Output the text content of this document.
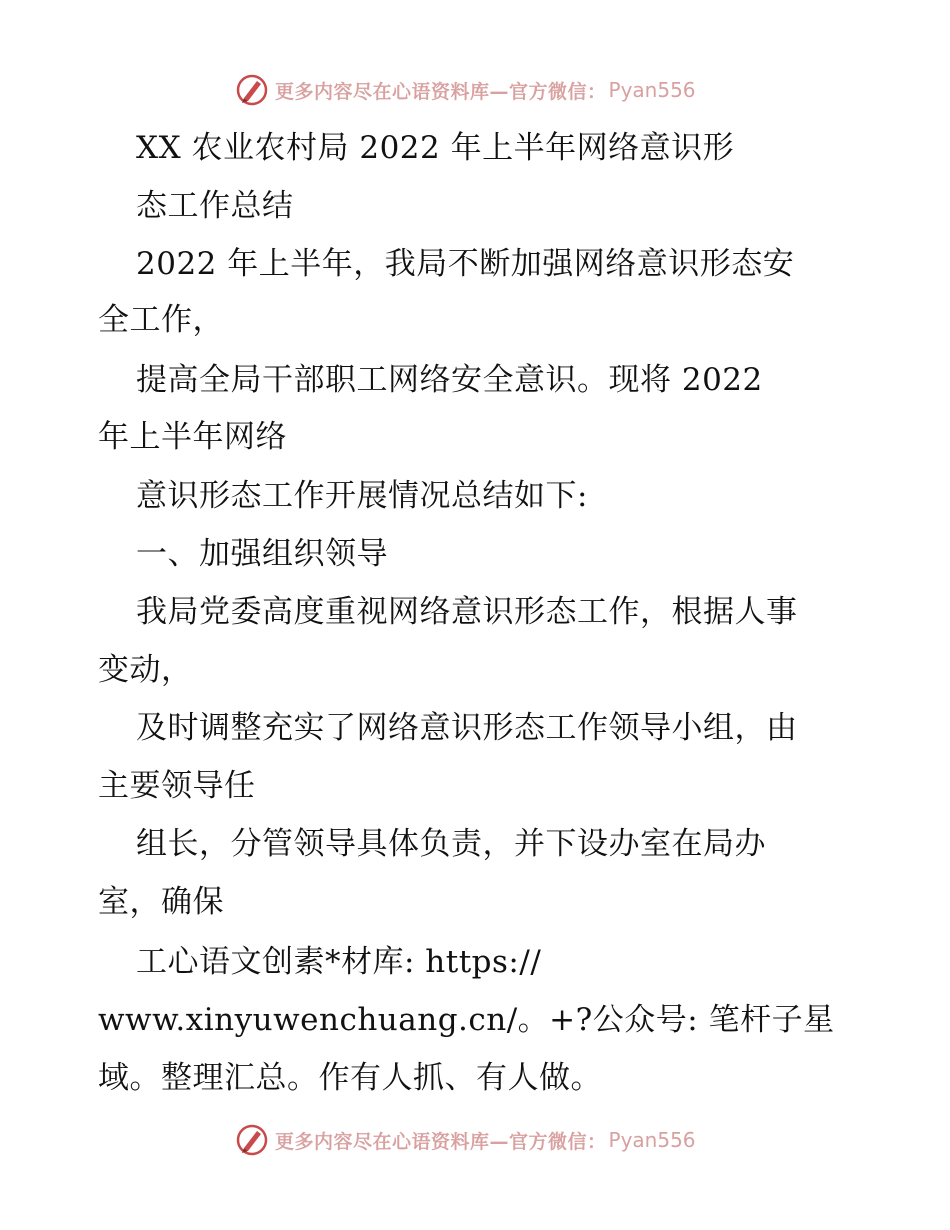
更多内容尽在心语资料库—官方微信： Pyan556
XX 农业农村局 2022 年上半年网络意识形
态工作总结
2022 年上半年，我局不断加强网络意识形态安
全工作，
提高全局干部职工网络安全意识。现将 2022
年上半年网络
意识形态工作开展情况总结如下:
一、加强组织领导
我局党委高度重视网络意识形态工作，根据人事
变动，
及时调整充实了网络意识形态工作领导小组，由
主要领导任
组长，分管领导具体负责，并下设办室在局办
室，确保
工心语文创素*材库: https://
www.xinyuwenchuang.cn/。+?公众号: 笔杆子星
域。整理汇总。作有人抓、有人做。
更多内容尽在心语资料库—官方微信： Pyan556
